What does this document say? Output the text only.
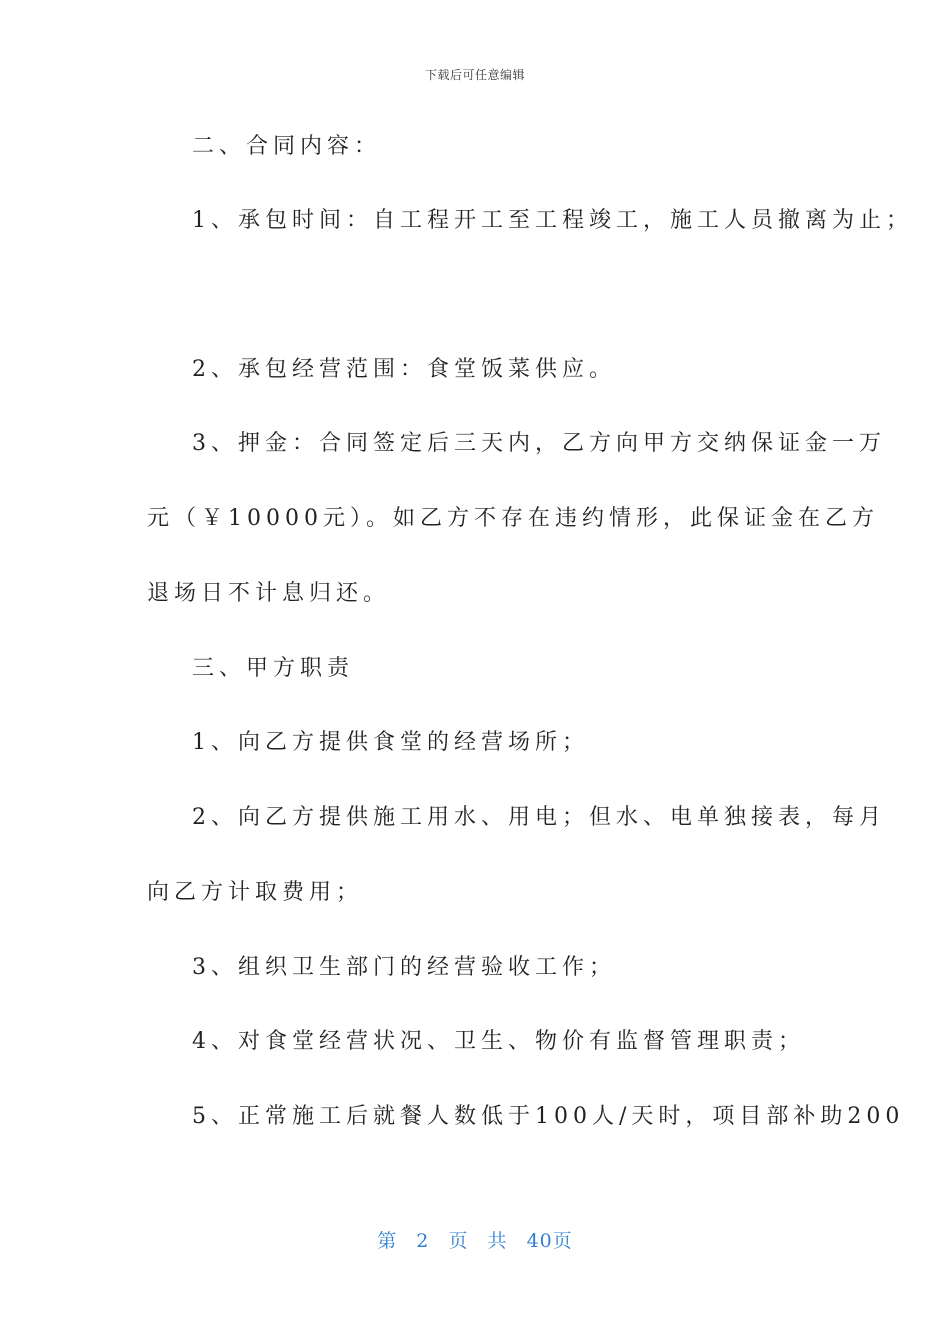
下载后可任意编辑
二、合同内容：
1、承包时间：自工程开工至工程竣工，施工人员撤离为止；
2、承包经营范围：食堂饭菜供应。
3、押金：合同签定后三天内，乙方向甲方交纳保证金一万
元（￥10000元）。如乙方不存在违约情形，此保证金在乙方
退场日不计息归还。
三、甲方职责
1、向乙方提供食堂的经营场所；
2、向乙方提供施工用水、用电；但水、电单独接表，每月
向乙方计取费用；
3、组织卫生部门的经营验收工作；
4、对食堂经营状况、卫生、物价有监督管理职责；
5、正常施工后就餐人数低于100人/天时，项目部补助200
第 2 页 共 40页
